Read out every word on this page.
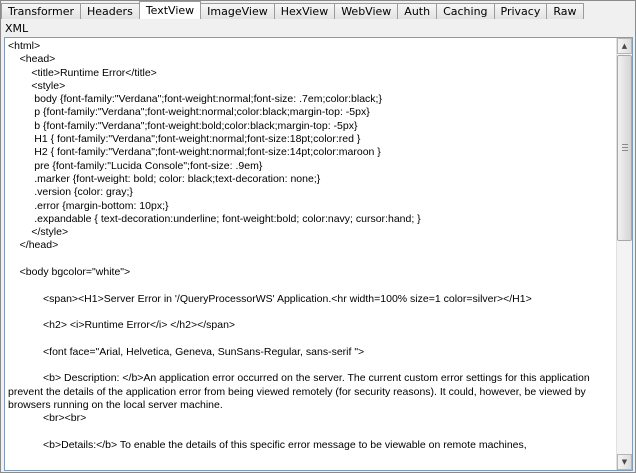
Transformer	Headers	TextView	ImageView	HexView	WebView	Auth	Caching	Privacy	Raw
XML
<html>
<head>
<title>Runtime Error</title>
<style>
body {font-family:"Verdana";font-weight:normal;font-size: .7em;color:black;}
p {font-family:"Verdana";font-weight:normal;color:black;margin-top: -5px}
b {font-family:"Verdana";font-weight:bold;color:black;margin-top: -5px}
H1 { font-family:"Verdana";font-weight:normal;font-size:18pt;color:red }
H2 { font-family:"Verdana";font-weight:normal;font-size:14pt;color:maroon }
pre {font-family:"Lucida Console";font-size: .9em}
.marker {font-weight: bold; color: black;text-decoration: none;}
.version {color: gray;}
.error {margin-bottom: 10px;}
.expandable { text-decoration:underline; font-weight:bold; color:navy; cursor:hand; }
</style>
</head>
<body bgcolor="white">
<span><H1>Server Error in '/QueryProcessorWS' Application.<hr width=100% size=1 color=silver></H1>
<h2> <i>Runtime Error</i> </h2></span>
<font face="Arial, Helvetica, Geneva, SunSans-Regular, sans-serif ">
<b> Description: </b>An application error occurred on the server. The current custom error settings for this application prevent the details of the application error from being viewed remotely (for security reasons). It could, however, be viewed by browsers running on the local server machine.
<br><br>
<b>Details:</b> To enable the details of this specific error message to be viewable on remote machines,
▲
▼
